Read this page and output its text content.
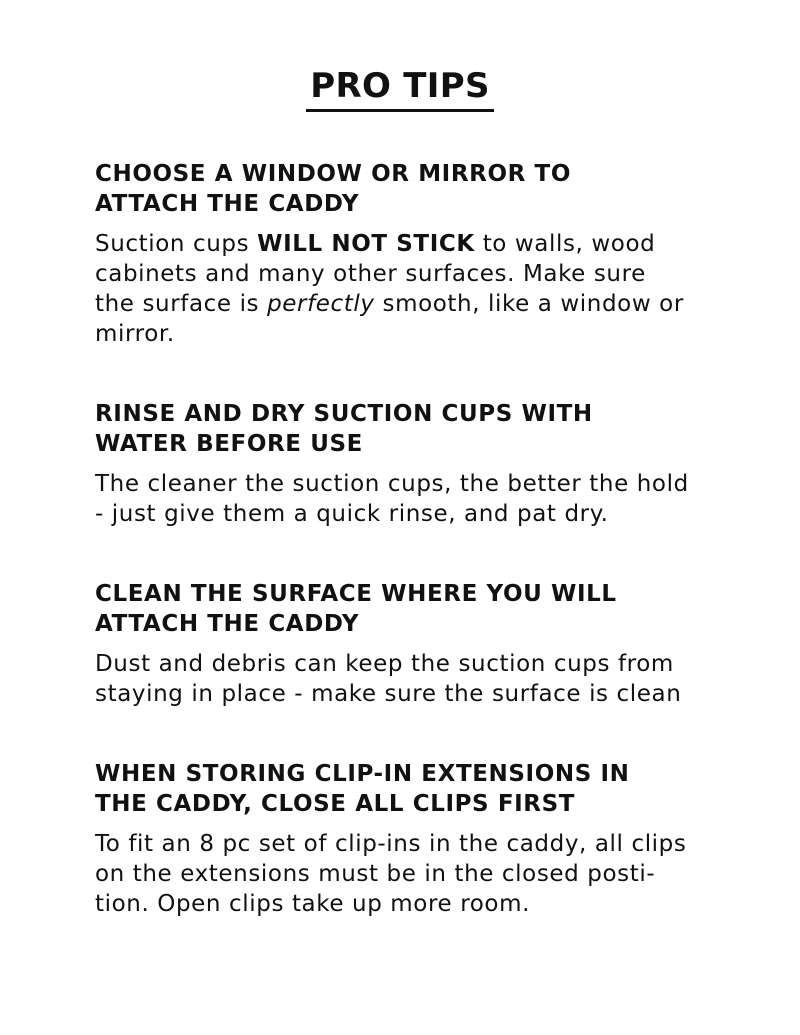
PRO TIPS
CHOOSE A WINDOW OR MIRROR TO
ATTACH THE CADDY

Suction cups WILL NOT STICK to walls, wood
cabinets and many other surfaces. Make sure
the surface is perfectly smooth, like a window or
mirror.

RINSE AND DRY SUCTION CUPS WITH
WATER BEFORE USE

The cleaner the suction cups, the better the hold
- just give them a quick rinse, and pat dry.

CLEAN THE SURFACE WHERE YOU WILL
ATTACH THE CADDY

Dust and debris can keep the suction cups from
staying in place - make sure the surface is clean

WHEN STORING CLIP-IN EXTENSIONS IN
THE CADDY, CLOSE ALL CLIPS FIRST

To fit an 8 pc set of clip-ins in the caddy, all clips
on the extensions must be in the closed posti-
tion. Open clips take up more room.
